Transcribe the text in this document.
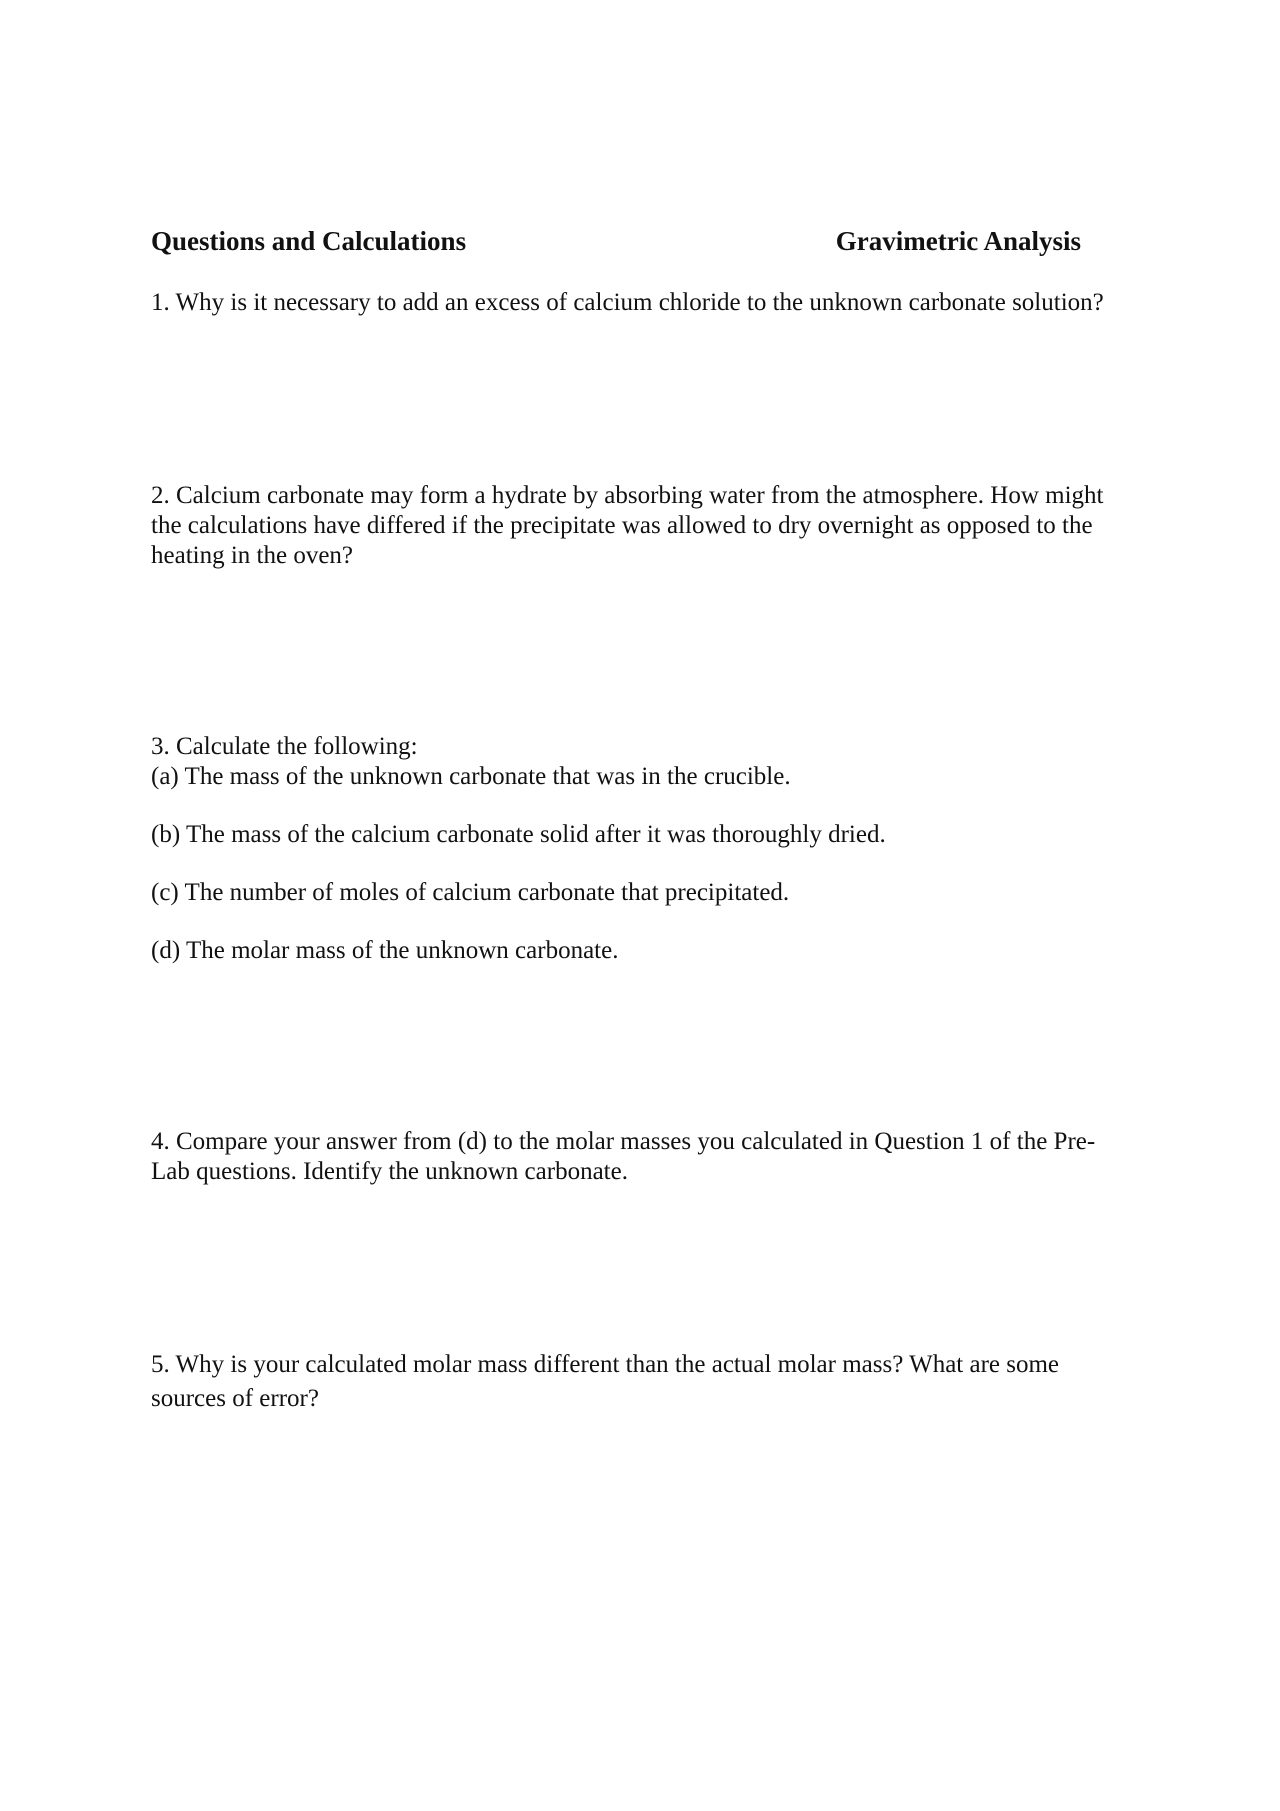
Questions and Calculations	Gravimetric Analysis
1. Why is it necessary to add an excess of calcium chloride to the unknown carbonate solution?
2. Calcium carbonate may form a hydrate by absorbing water from the atmosphere. How might
the calculations have differed if the precipitate was allowed to dry overnight as opposed to the
heating in the oven?
3. Calculate the following:
(a) The mass of the unknown carbonate that was in the crucible.
(b) The mass of the calcium carbonate solid after it was thoroughly dried.
(c) The number of moles of calcium carbonate that precipitated.
(d) The molar mass of the unknown carbonate.
4. Compare your answer from (d) to the molar masses you calculated in Question 1 of the Pre-
Lab questions. Identify the unknown carbonate.
5. Why is your calculated molar mass different than the actual molar mass? What are some
sources of error?
